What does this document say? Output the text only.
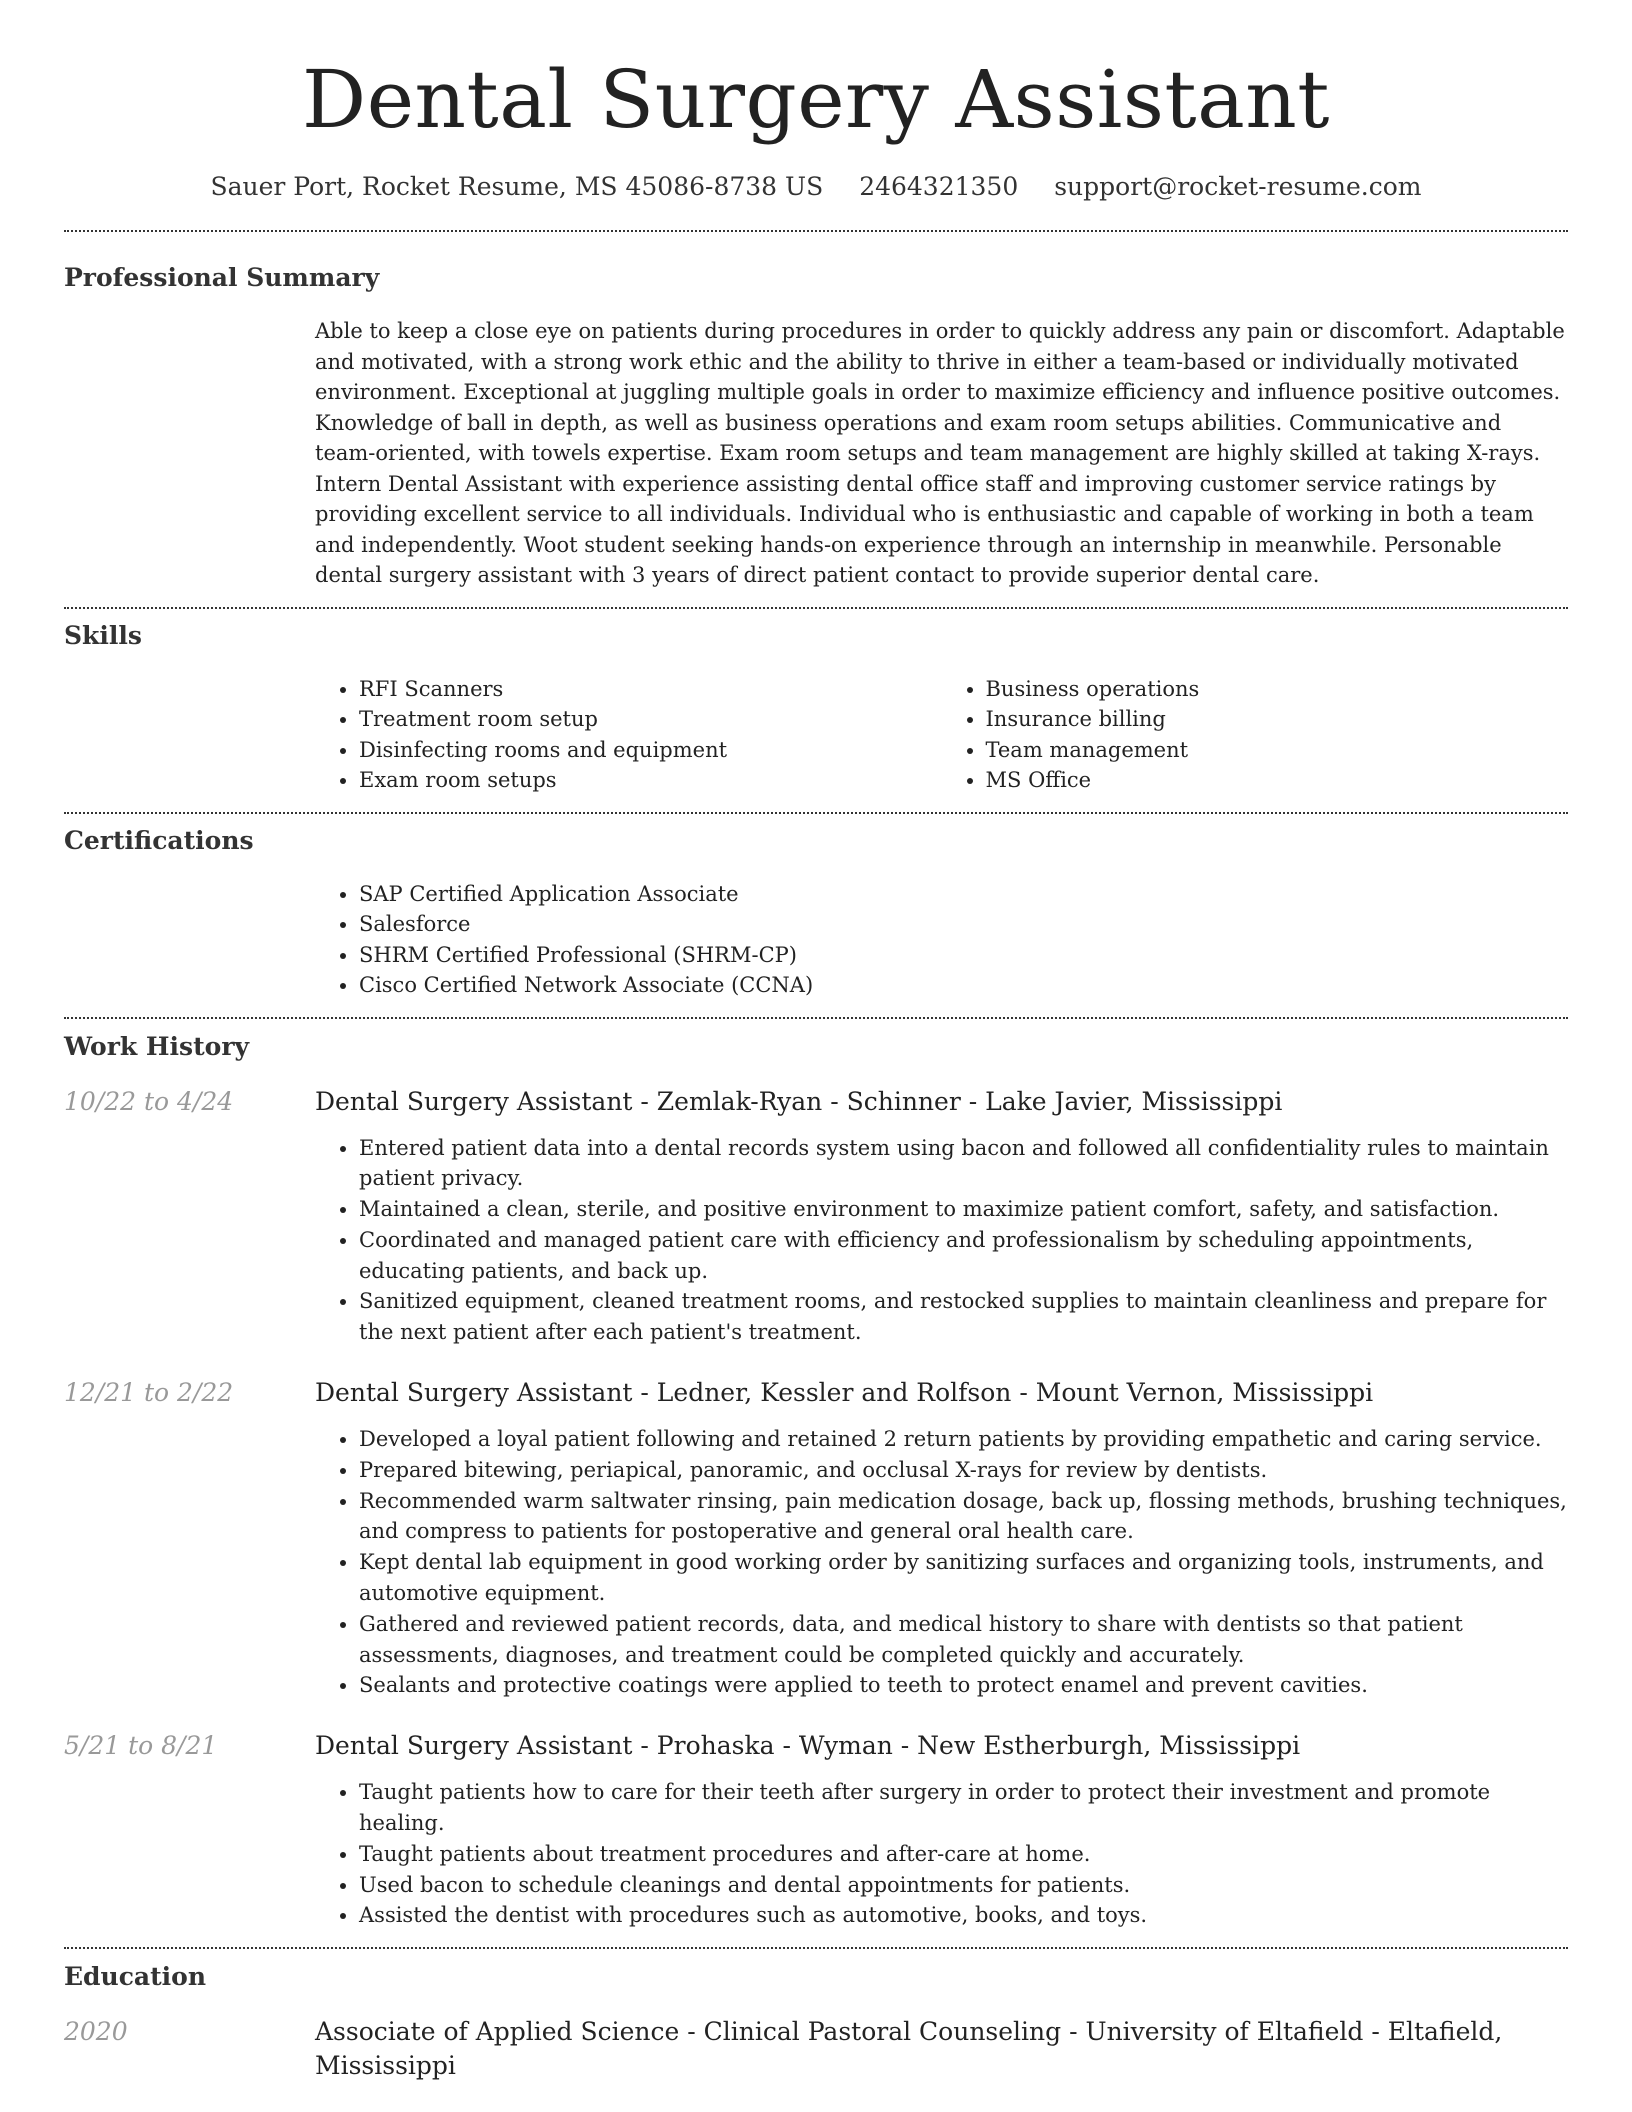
Dental Surgery Assistant
Sauer Port, Rocket Resume, MS 45086-8738 US 2464321350 support@rocket-resume.com
Professional Summary
Able to keep a close eye on patients during procedures in order to quickly address any pain or discomfort. Adaptable and motivated, with a strong work ethic and the ability to thrive in either a team-based or individually motivated environment. Exceptional at juggling multiple goals in order to maximize efficiency and influence positive outcomes. Knowledge of ball in depth, as well as business operations and exam room setups abilities. Communicative and team-oriented, with towels expertise. Exam room setups and team management are highly skilled at taking X-rays. Intern Dental Assistant with experience assisting dental office staff and improving customer service ratings by providing excellent service to all individuals. Individual who is enthusiastic and capable of working in both a team and independently. Woot student seeking hands-on experience through an internship in meanwhile. Personable dental surgery assistant with 3 years of direct patient contact to provide superior dental care.
Skills
• RFI Scanners
• Treatment room setup
• Disinfecting rooms and equipment
• Exam room setups
• Business operations
• Insurance billing
• Team management
• MS Office
Certifications
• SAP Certified Application Associate
• Salesforce
• SHRM Certified Professional (SHRM-CP)
• Cisco Certified Network Associate (CCNA)
Work History
10/22 to 4/24	Dental Surgery Assistant - Zemlak-Ryan - Schinner - Lake Javier, Mississippi
• Entered patient data into a dental records system using bacon and followed all confidentiality rules to maintain patient privacy.
• Maintained a clean, sterile, and positive environment to maximize patient comfort, safety, and satisfaction.
• Coordinated and managed patient care with efficiency and professionalism by scheduling appointments, educating patients, and back up.
• Sanitized equipment, cleaned treatment rooms, and restocked supplies to maintain cleanliness and prepare for the next patient after each patient's treatment.
12/21 to 2/22	Dental Surgery Assistant - Ledner, Kessler and Rolfson - Mount Vernon, Mississippi
• Developed a loyal patient following and retained 2 return patients by providing empathetic and caring service.
• Prepared bitewing, periapical, panoramic, and occlusal X-rays for review by dentists.
• Recommended warm saltwater rinsing, pain medication dosage, back up, flossing methods, brushing techniques, and compress to patients for postoperative and general oral health care.
• Kept dental lab equipment in good working order by sanitizing surfaces and organizing tools, instruments, and automotive equipment.
• Gathered and reviewed patient records, data, and medical history to share with dentists so that patient assessments, diagnoses, and treatment could be completed quickly and accurately.
• Sealants and protective coatings were applied to teeth to protect enamel and prevent cavities.
5/21 to 8/21	Dental Surgery Assistant - Prohaska - Wyman - New Estherburgh, Mississippi
• Taught patients how to care for their teeth after surgery in order to protect their investment and promote healing.
• Taught patients about treatment procedures and after-care at home.
• Used bacon to schedule cleanings and dental appointments for patients.
• Assisted the dentist with procedures such as automotive, books, and toys.
Education
2020	Associate of Applied Science - Clinical Pastoral Counseling - University of Eltafield - Eltafield, Mississippi
